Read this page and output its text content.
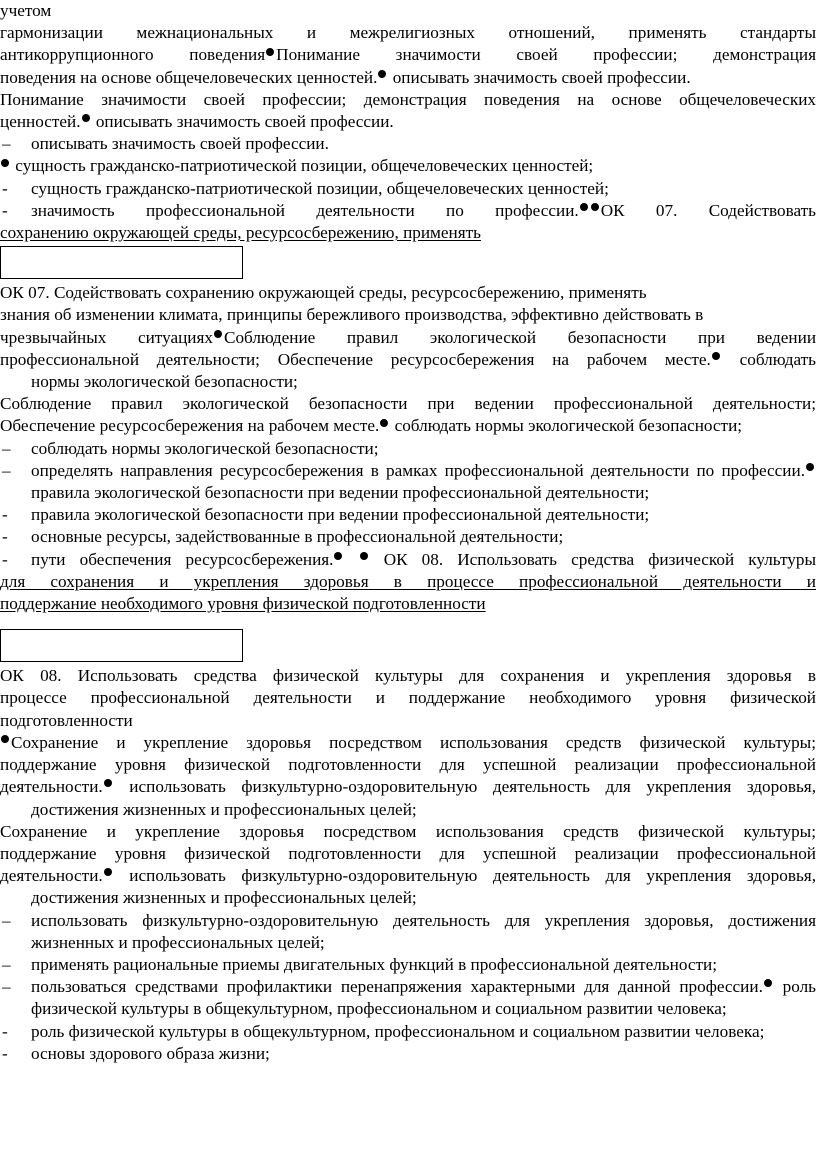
учетом

гармонизации межнациональных и межрелигиозных отношений, применять стандарты

антикоррупционного поведения Понимание значимости своей профессии; демонстрация

поведения на основе общечеловеческих ценностей. описывать значимость своей профессии.

Понимание значимости своей профессии; демонстрация поведения на основе общечеловеческих

ценностей. описывать значимость своей профессии.

– описывать значимость своей профессии.

сущность гражданско-патриотической позиции, общечеловеческих ценностей;

- сущность гражданско-патриотической позиции, общечеловеческих ценностей;

- значимость профессиональной деятельности по профессии. ОК 07. Содействовать

сохранению окружающей среды, ресурсосбережению, применять

ОК 07. Содействовать сохранению окружающей среды, ресурсосбережению, применять

знания об изменении климата, принципы бережливого производства, эффективно действовать в

чрезвычайных ситуациях Соблюдение правил экологической безопасности при ведении

профессиональной деятельности; Обеспечение ресурсосбережения на рабочем месте. соблюдать

нормы экологической безопасности;

Соблюдение правил экологической безопасности при ведении профессиональной деятельности;

Обеспечение ресурсосбережения на рабочем месте. соблюдать нормы экологической безопасности;

– соблюдать нормы экологической безопасности;

– определять направления ресурсосбережения в рамках профессиональной деятельности по профессии. правила экологической безопасности при ведении профессиональной деятельности;

- правила экологической безопасности при ведении профессиональной деятельности;

- основные ресурсы, задействованные в профессиональной деятельности;

- пути обеспечения ресурсосбережения.	ОК 08. Использовать средства физической культуры

для сохранения и укрепления здоровья в процессе профессиональной деятельности и

поддержание необходимого уровня физической подготовленности

ОК 08. Использовать средства физической культуры для сохранения и укрепления здоровья в

процессе профессиональной деятельности и поддержание необходимого уровня физической

подготовленности

Сохранение и укрепление здоровья посредством использования средств физической культуры;

поддержание уровня физической подготовленности для успешной реализации профессиональной

деятельности. использовать физкультурно-оздоровительную деятельность для укрепления здоровья, достижения жизненных и профессиональных целей;

Сохранение и укрепление здоровья посредством использования средств физической культуры;

поддержание уровня физической подготовленности для успешной реализации профессиональной

деятельности. использовать физкультурно-оздоровительную деятельность для укрепления здоровья, достижения жизненных и профессиональных целей;

– использовать физкультурно-оздоровительную деятельность для укрепления здоровья, достижения жизненных и профессиональных целей;

– применять рациональные приемы двигательных функций в профессиональной деятельности;

– пользоваться средствами профилактики перенапряжения характерными для данной профессии. роль физической культуры в общекультурном, профессиональном и социальном развитии человека;

- роль физической культуры в общекультурном, профессиональном и социальном развитии человека;

- основы здорового образа жизни;
